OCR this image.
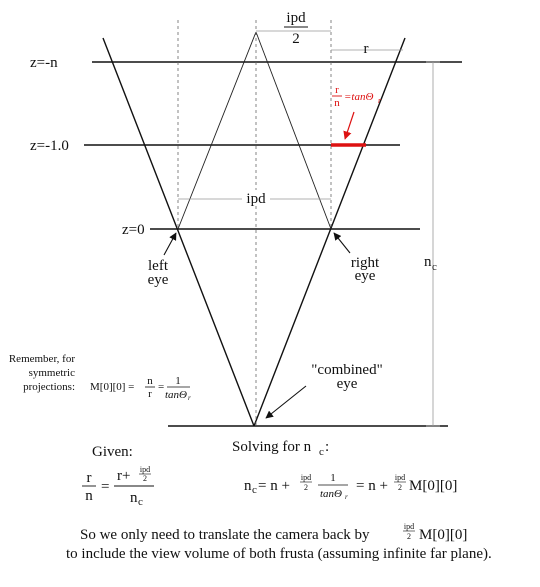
ipd
2
r
ipd
n c
z=-n
z=-1.0
z=0
r
n =tanΘ r
left
eye
right
eye
"combined"
eye
Remember, for
symmetric
projections: M[0][0] = n
r
= 1
tanΘ r
Given:
r
n
=
r+ ipd
2
n c
Solving for n c :
n c = n +
ipd
2
1
tanΘ r
= n +
ipd
2 M[0][0]
So we only need to translate the camera back by
ipd
2 M[0][0]
to include the view volume of both frusta (assuming infinite far plane).
